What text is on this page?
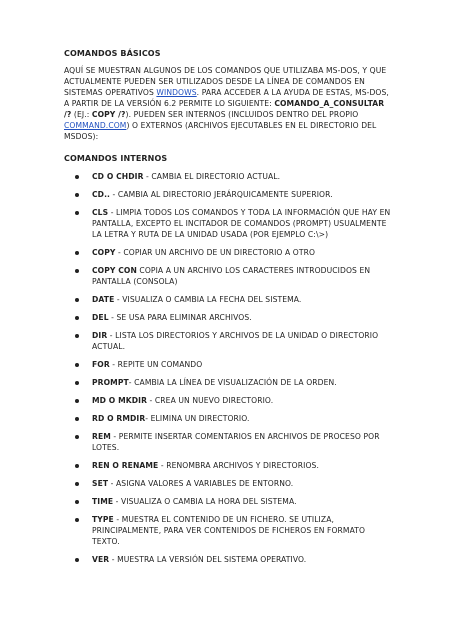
COMANDOS BÁSICOS

AQUÍ SE MUESTRAN ALGUNOS DE LOS COMANDOS QUE UTILIZABA MS-DOS, Y QUE ACTUALMENTE PUEDEN SER UTILIZADOS DESDE LA LÍNEA DE COMANDOS EN SISTEMAS OPERATIVOS WINDOWS. PARA ACCEDER A LA AYUDA DE ESTAS, MS-DOS, A PARTIR DE LA VERSIÓN 6.2 PERMITE LO SIGUIENTE: COMANDO_A_CONSULTAR /? (EJ.: COPY /?). PUEDEN SER INTERNOS (INCLUIDOS DENTRO DEL PROPIO COMMAND.COM) O EXTERNOS (ARCHIVOS EJECUTABLES EN EL DIRECTORIO DEL MSDOS):

COMANDOS INTERNOS
CD O CHDIR - CAMBIA EL DIRECTORIO ACTUAL.
CD.. - CAMBIA AL DIRECTORIO JERÁRQUICAMENTE SUPERIOR.
CLS - LIMPIA TODOS LOS COMANDOS Y TODA LA INFORMACIÓN QUE HAY EN PANTALLA, EXCEPTO EL INCITADOR DE COMANDOS (PROMPT) USUALMENTE LA LETRA Y RUTA DE LA UNIDAD USADA (POR EJEMPLO C:\>)
COPY - COPIAR UN ARCHIVO DE UN DIRECTORIO A OTRO
COPY CON COPIA A UN ARCHIVO LOS CARACTERES INTRODUCIDOS EN PANTALLA (CONSOLA)
DATE - VISUALIZA O CAMBIA LA FECHA DEL SISTEMA.
DEL - SE USA PARA ELIMINAR ARCHIVOS.
DIR - LISTA LOS DIRECTORIOS Y ARCHIVOS DE LA UNIDAD O DIRECTORIO ACTUAL.
FOR - REPITE UN COMANDO
PROMPT- CAMBIA LA LÍNEA DE VISUALIZACIÓN DE LA ORDEN.
MD O MKDIR - CREA UN NUEVO DIRECTORIO.
RD O RMDIR- ELIMINA UN DIRECTORIO.
REM - PERMITE INSERTAR COMENTARIOS EN ARCHIVOS DE PROCESO POR LOTES.
REN O RENAME - RENOMBRA ARCHIVOS Y DIRECTORIOS.
SET - ASIGNA VALORES A VARIABLES DE ENTORNO.
TIME - VISUALIZA O CAMBIA LA HORA DEL SISTEMA.
TYPE - MUESTRA EL CONTENIDO DE UN FICHERO. SE UTILIZA, PRINCIPALMENTE, PARA VER CONTENIDOS DE FICHEROS EN FORMATO TEXTO.
VER - MUESTRA LA VERSIÓN DEL SISTEMA OPERATIVO.
